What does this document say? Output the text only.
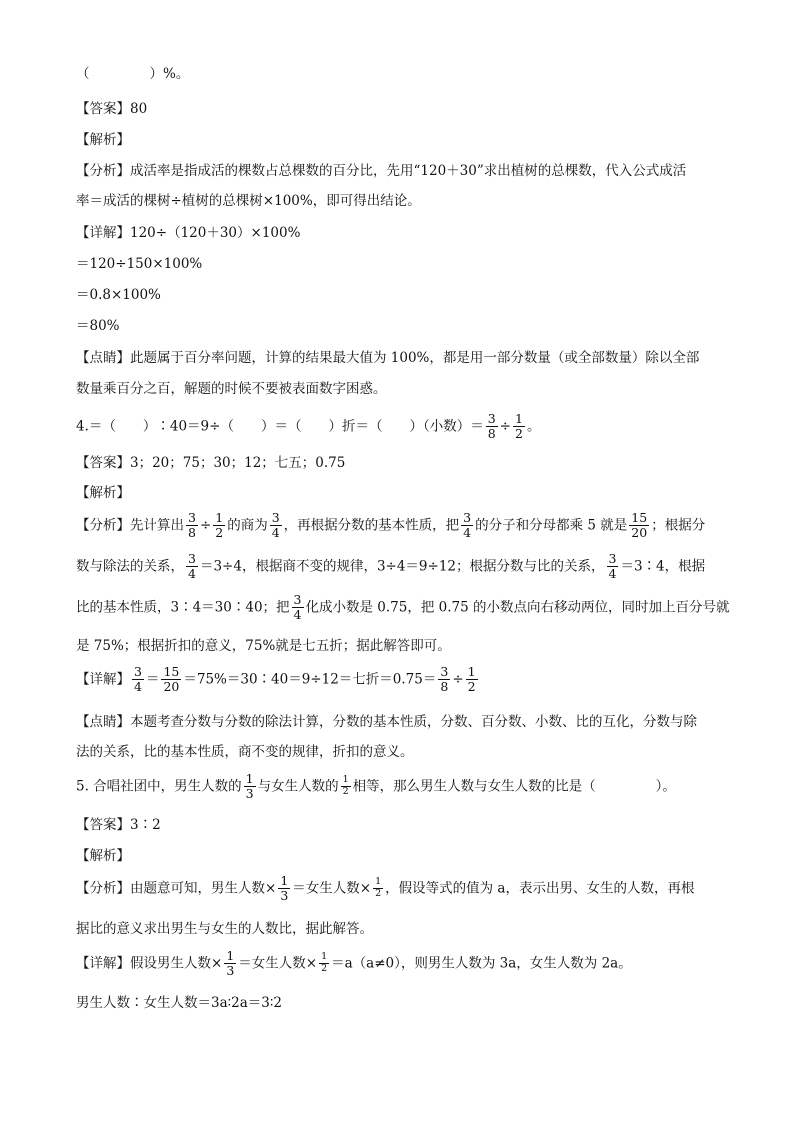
（	）%。
【答案】80
【解析】
【分析】成活率是指成活的棵数占总棵数的百分比，先用“120＋30”求出植树的总棵数，代入公式成活
率＝成活的棵树÷植树的总棵树×100%，即可得出结论。
【详解】120÷（120＋30）×100%
＝120÷150×100%
＝0.8×100%
＝80%
【点睛】此题属于百分率问题，计算的结果最大值为 100%，都是用一部分数量（或全部数量）除以全部
数量乘百分之百，解题的时候不要被表面数字困惑。
4.＝（　　）∶40＝9÷（　　）＝（　　）折＝（　　）（小数）＝ $\frac{3}{8} \div \frac{1}{2}$ 。
【答案】3；20；75；30；12；七五；0.75
【解析】
【分析】先计算出 $\frac{3}{8} \div \frac{1}{2}$ 的商为 $\frac{3}{4}$ ，再根据分数的基本性质，把 $\frac{3}{4}$ 的分子和分母都乘 5 就是 $\frac{15}{20}$ ；根据分
数与除法的关系， $\frac{3}{4} =3\div 4$，根据商不变的规律，3÷4＝9÷12；根据分数与比的关系， $\frac{3}{4}$ ＝3∶4，根据
比的基本性质，3∶4＝30∶40；把 $\frac{3}{4}$ 化成小数是 0.75，把 0.75 的小数点向右移动两位，同时加上百分号就
是 75%；根据折扣的意义，75%就是七五折；据此解答即可。
【详解】 $\frac{3}{4} = \frac{15}{20}$ ＝75%＝30∶40＝9÷12＝七折$=0.75= \frac{3}{8} \div \frac{1}{2}$
【点睛】本题考查分数与分数的除法计算，分数的基本性质，分数、百分数、小数、比的互化，分数与除
法的关系，比的基本性质，商不变的规律，折扣的意义。
5. 合唱社团中，男生人数的 $\frac{1}{3}$ 与女生人数的 $\frac{1}{2}$ 相等，那么男生人数与女生人数的比是（	）。
【答案】3∶2
【解析】
【分析】由题意可知，男生人数× $\frac{1}{3}$ ＝女生人数× $\frac{1}{2}$ ，假设等式的值为 a，表示出男、女生的人数，再根
据比的意义求出男生与女生的人数比，据此解答。
【详解】假设男生人数× $\frac{1}{3}$ ＝女生人数× $\frac{1}{2} =a(a\ne 0)$，则男生人数为 3a，女生人数为 2a。
男生人数∶女生人数＝3a∶2a＝3∶2
